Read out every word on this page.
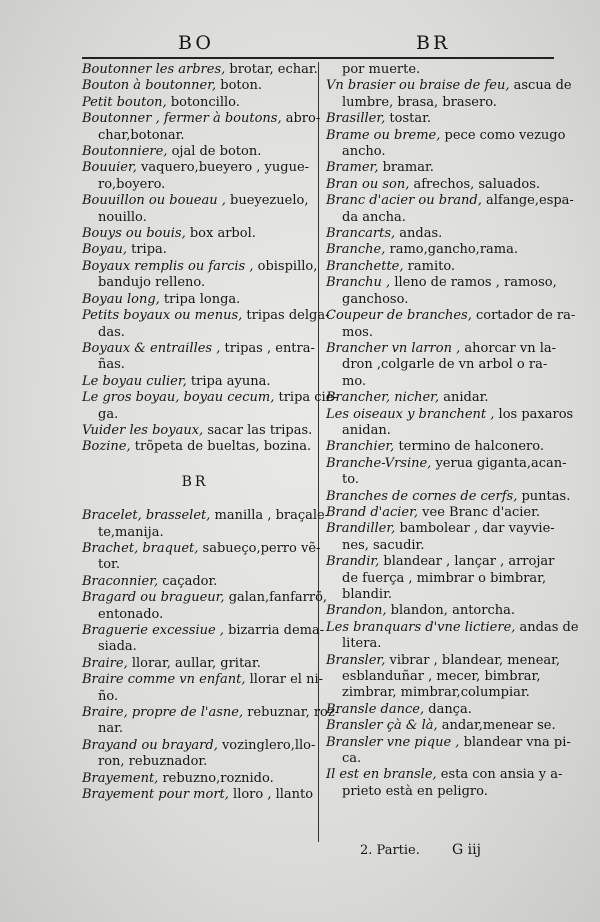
BO	BR
Boutonner les arbres, brotar, echar.
Bouton à boutonner, boton.
Petit bouton, botoncillo.
Boutonner , fermer à boutons, abro-
char,botonar.
Boutonniere, ojal de boton.
Bouuier, vaquero,bueyero , yugue-
ro,boyero.
Bouuillon ou boueau , bueyezuelo,
nouillo.
Bouys ou bouis, box arbol.
Boyau, tripa.
Boyaux remplis ou farcis , obispillo,
bandujo relleno.
Boyau long, tripa longa.
Petits boyaux ou menus, tripas delga-
das.
Boyaux & entrailles , tripas , entra-
ñas.
Le boyau culier, tripa ayuna.
Le gros boyau, boyau cecum, tripa cie-
ga.
Vuider les boyaux, sacar las tripas.
Bozine, trõpeta de bueltas, bozina.
BR
Bracelet, brasselet, manilla , braçale-
te,manija.
Brachet, braquet, sabueço,perro vẽ-
tor.
Braconnier, caçador.
Bragard ou bragueur, galan,fanfarrõ,
entonado.
Braguerie excessiue , bizarria dema-
siada.
Braire, llorar, aullar, gritar.
Braire comme vn enfant, llorar el ni-
ño.
Braire, propre de l'asne, rebuznar, roz-
nar.
Brayand ou brayard, vozinglero,llo-
ron, rebuznador.
Brayement, rebuzno,roznido.
Brayement pour mort, lloro , llanto
por muerte.
Vn brasier ou braise de feu, ascua de
lumbre, brasa, brasero.
Brasiller, tostar.
Brame ou breme, pece como vezugo
ancho.
Bramer, bramar.
Bran ou son, afrechos, saluados.
Branc d'acier ou brand, alfange,espa-
da ancha.
Brancarts, andas.
Branche, ramo,gancho,rama.
Branchette, ramito.
Branchu , lleno de ramos , ramoso,
ganchoso.
Coupeur de branches, cortador de ra-
mos.
Brancher vn larron , ahorcar vn la-
dron ,colgarle de vn arbol o ra-
mo.
Brancher, nicher, anidar.
Les oiseaux y branchent , los paxaros
anidan.
Branchier, termino de halconero.
Branche-Vrsine, yerua giganta,acan-
to.
Branches de cornes de cerfs, puntas.
Brand d'acier, vee Branc d'acier.
Brandiller, bambolear , dar vayvie-
nes, sacudir.
Brandir, blandear , lançar , arrojar
de fuerça , mimbrar o bimbrar,
blandir.
Brandon, blandon, antorcha.
Les branquars d'vne lictiere, andas de
litera.
Bransler, vibrar , blandear, menear,
esblanduñar , mecer, bimbrar,
zimbrar, mimbrar,columpiar.
Bransle dance, dança.
Bransler çà & là, andar,menear se.
Bransler vne pique , blandear vna pi-
ca.
Il est en bransle, esta con ansia y a-
prieto està en peligro.
2. Partie. G iij
